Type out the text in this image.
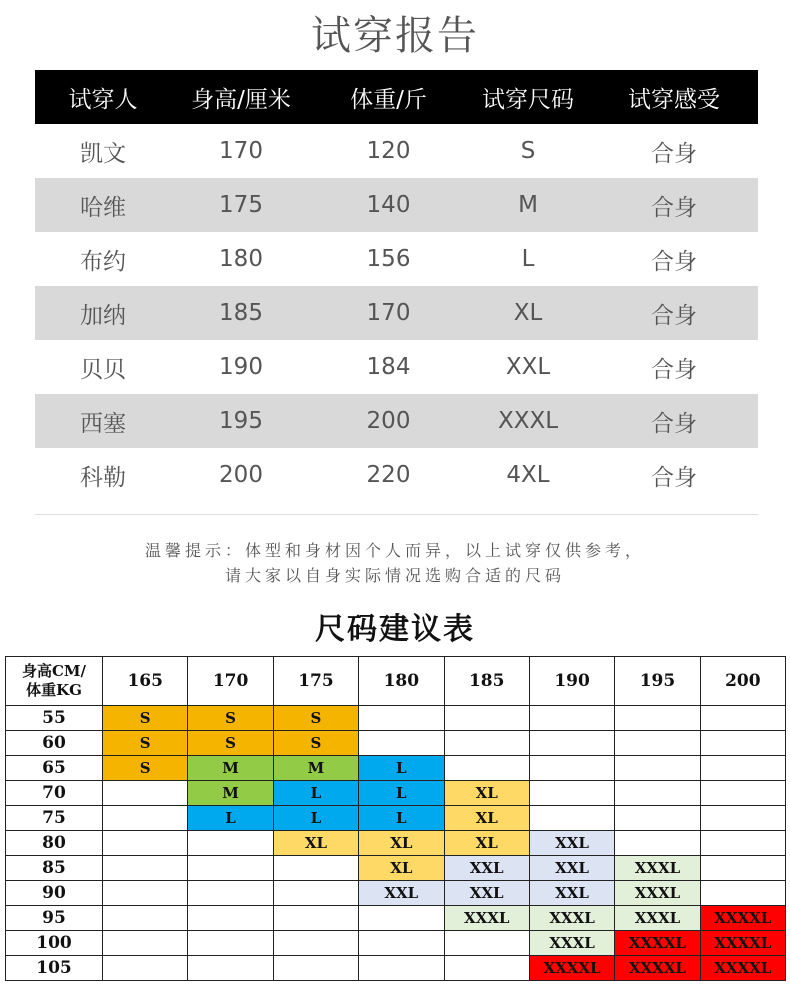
试穿报告
试穿人	身高/厘米	体重/斤	试穿尺码	试穿感受
凯文	170	120	S	合身
哈维	175	140	M	合身
布约	180	156	L	合身
加纳	185	170	XL	合身
贝贝	190	184	XXL	合身
西塞	195	200	XXXL	合身
科勒	200	220	4XL	合身
温馨提示：体型和身材因个人而异，以上试穿仅供参考，
请大家以自身实际情况选购合适的尺码
尺码建议表
身高CM/
体重KG	165	170	175	180	185	190	195	200
55	S	S	S					
60	S	S	S					
65	S	M	M	L				
70		M	L	L	XL			
75		L	L	L	XL			
80			XL	XL	XL	XXL		
85				XL	XXL	XXL	XXXL	
90				XXL	XXL	XXL	XXXL	
95					XXXL	XXXL	XXXL	XXXXL
100						XXXL	XXXXL	XXXXL
105						XXXXL	XXXXL	XXXXL
